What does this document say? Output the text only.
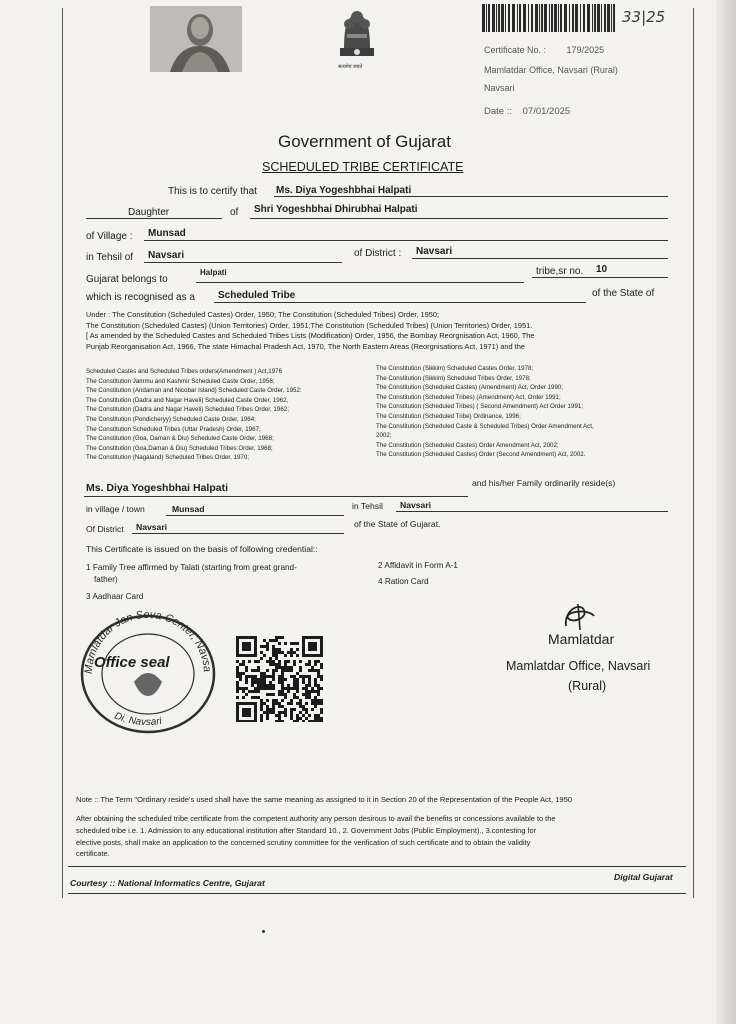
सत्यमेव जयते
33|25
Certificate No. : 179/2025
Mamlatdar Office, Navsari (Rural)
Navsari
Date :: 07/01/2025
Government of Gujarat
SCHEDULED TRIBE CERTIFICATE
This is to certify that Ms. Diya Yogeshbhai Halpati
Daughter	of Shri Yogeshbhai Dhirubhai Halpati
of Village : Munsad
in Tehsil of Navsari	of District : Navsari
Gujarat belongs to
Halpati	tribe,sr no. 10
which is recognised as a Scheduled Tribe	of the State of

Under : The Constitution (Scheduled Castes) Order, 1950; The Constitution (Scheduled Tribes) Order, 1950;

The Constitution (Scheduled Castes) (Union Territories) Order, 1951;The Constitution (Scheduled Tribes) (Union Territories) Order, 1951.

[ As amended by the Scheduled Castes and Scheduled Tribes Lists (Modification) Order, 1956, the Bombay Reorgnisation Act, 1960, The

Punjab Reorganisation Act, 1966, The state Himachal Pradesh Act, 1970, The North Eastern Areas (Reorgnisations Act, 1971) and the

Scheduled Castes and Scheduled Tribes orders(Amendment ) Act,1976

The Constitution Jammu and Kashmir Scheduled Caste Order, 1956;

The Constitution (Andaman and Nicobar Island) Scheduled Caste Order, 1952:

The Constitution (Dadra and Nagar Haveli) Scheduled Caste Order, 1962,

The Constitution (Dadra and Nagar Haveli) Scheduled Tribes Order, 1962;

The Constitution (Pondicheryy) Scheduled Caste Order, 1964;

The Constitution Scheduled Tribes (Uttar Pradesh) Order, 1967;

The Constitution (Goa, Daman & Diu) Scheduled Caste Order, 1968;

The Constitution (Goa,Daman & Diu) Scheduled Tribes Order, 1968;

The Constitution (Nagaland) Scheduled Tribes Order, 1970;

The Constitution (Sikkim) Scheduled Castes Order, 1978;

The Constitution (Sikkim) Scheduled Tribes Order, 1978;

The Constitution (Scheduled Castes) (Amendment) Act, Order 1990;

The Constitution (Scheduled Tribes) (Amendment) Act, Order 1991;

The Constitution (Scheduled Tribes) ( Second Amendment) Act Order 1991;

The Constitution (Scheduled Tribe) Ordinance, 1996;

The Constitution (Scheduled Caste & Scheduled Tribes) Order Amendment Act,

2002;

The Constitution (Scheduled Castes) Order Amendment Act, 2002;

The Constitution (Scheduled Castes) Order (Second Amendment) Act, 2002.

Ms. Diya Yogeshbhai Halpati	and his/her Family ordinarily reside(s)
in village / town	Munsad	in Tehsil Navsari
Of District Navsari	of the State of Gujarat.
This Certificate is issued on the basis of following credential::
1 Family Tree affirmed by Talati (starting from great grand-
father)
2 Affidavit in Form A-1
3 Aadhaar Card
4 Ration Card
Mamlatdar Jan Seva Center, Navsa
Di. Navsari
Office seal
Mamlatdar
Mamlatdar Office, Navsari
(Rural)
Note :: The Term "Ordinary reside's used shall have the same meaning as assigned to it in Section 20 of the Representation of the People Act, 1950

After obtaining the scheduled tribe certificate from the competent authority any person desirous to avail the benefits or concessions available to the

scheduled tribe i.e. 1. Admission to any educational institution after Standard 10., 2. Government Jobs (Public Employment)., 3.contesting for

elective posts, shall make an application to the concerned scrutiny committee for the verification of such certificate and to obtain the validity

certificate.

Courtesy :: National Informatics Centre, Gujarat
Digital Gujarat
